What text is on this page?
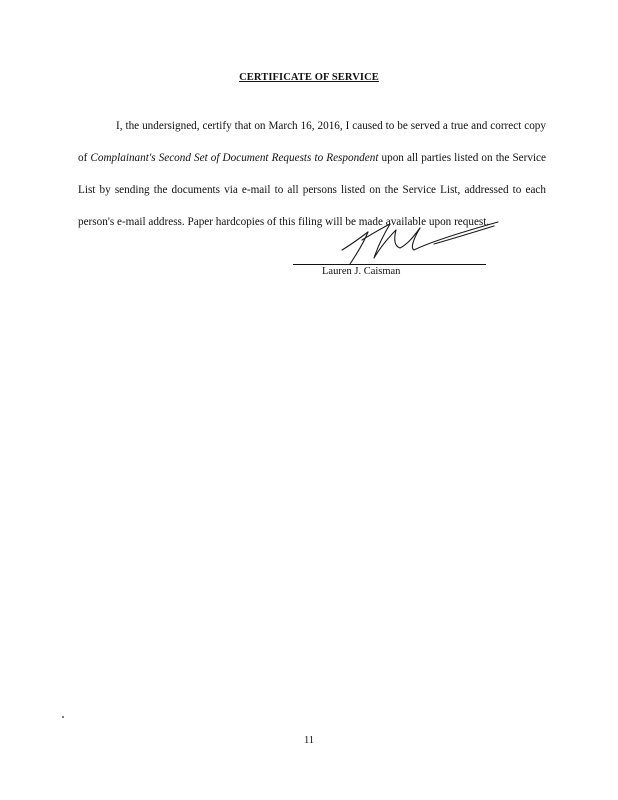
CERTIFICATE OF SERVICE

I, the undersigned, certify that on March 16, 2016, I caused to be served a true and correct copy of Complainant's Second Set of Document Requests to Respondent upon all parties listed on the Service List by sending the documents via e-mail to all persons listed on the Service List, addressed to each person's e-mail address. Paper hardcopies of this filing will be made available upon request.

Lauren J. Caisman
11
